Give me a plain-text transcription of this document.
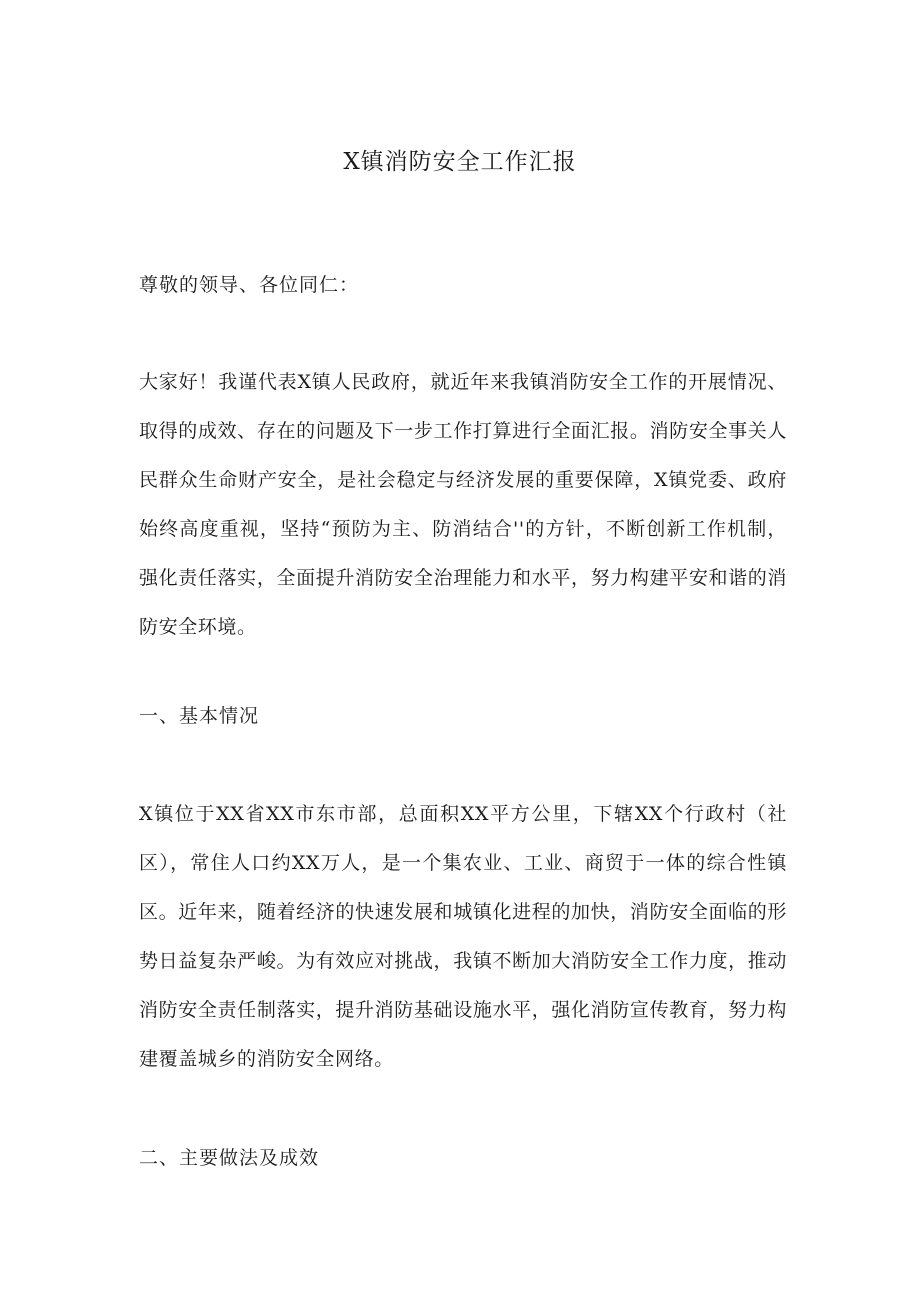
X镇消防安全工作汇报
尊敬的领导、各位同仁：

大家好！我谨代表X镇人民政府，就近年来我镇消防安全工作的开展情况、取得的成效、存在的问题及下一步工作打算进行全面汇报。消防安全事关人民群众生命财产安全，是社会稳定与经济发展的重要保障，X镇党委、政府始终高度重视，坚持“预防为主、防消结合''的方针，不断创新工作机制，强化责任落实，全面提升消防安全治理能力和水平，努力构建平安和谐的消防安全环境。

一、基本情况

X镇位于XX省XX市东市部，总面积XX平方公里，下辖XX个行政村（社区），常住人口约XX万人，是一个集农业、工业、商贸于一体的综合性镇区。近年来，随着经济的快速发展和城镇化进程的加快，消防安全面临的形势日益复杂严峻。为有效应对挑战，我镇不断加大消防安全工作力度，推动消防安全责任制落实，提升消防基础设施水平，强化消防宣传教育，努力构建覆盖城乡的消防安全网络。

二、主要做法及成效
